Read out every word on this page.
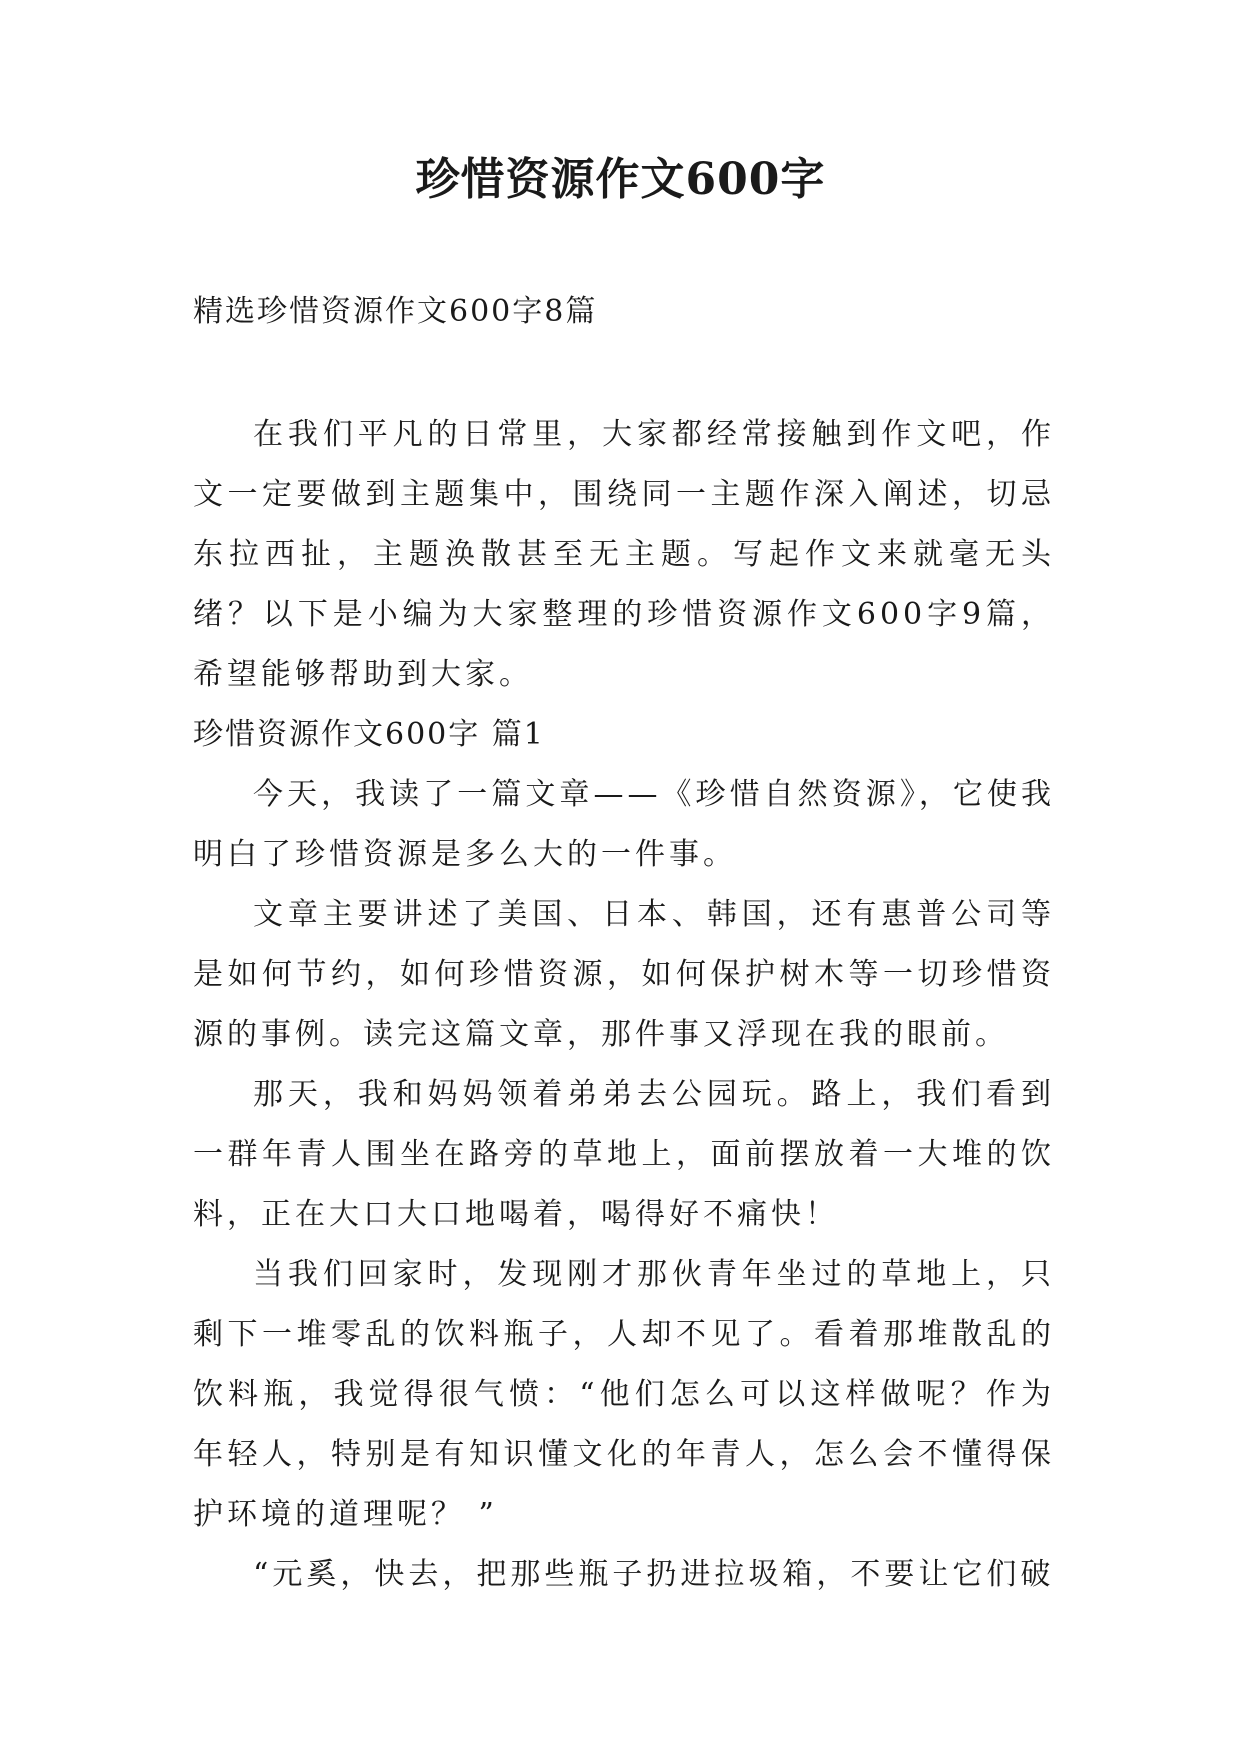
珍惜资源作文600字
精选珍惜资源作文600字8篇

在我们平凡的日常里，大家都经常接触到作文吧，作文一定要做到主题集中，围绕同一主题作深入阐述，切忌东拉西扯，主题涣散甚至无主题。写起作文来就毫无头绪？以下是小编为大家整理的珍惜资源作文600字9篇，希望能够帮助到大家。

珍惜资源作文600字 篇1

今天，我读了一篇文章——《珍惜自然资源》，它使我明白了珍惜资源是多么大的一件事。

文章主要讲述了美国、日本、韩国，还有惠普公司等是如何节约，如何珍惜资源，如何保护树木等一切珍惜资源的事例。读完这篇文章，那件事又浮现在我的眼前。

那天，我和妈妈领着弟弟去公园玩。路上，我们看到一群年青人围坐在路旁的草地上，面前摆放着一大堆的饮料，正在大口大口地喝着，喝得好不痛快！

当我们回家时，发现刚才那伙青年坐过的草地上，只剩下一堆零乱的饮料瓶子，人却不见了。看着那堆散乱的饮料瓶，我觉得很气愤：“他们怎么可以这样做呢？作为年轻人，特别是有知识懂文化的年青人，怎么会不懂得保护环境的道理呢？ ”

“元奚，快去，把那些瓶子扔进拉圾箱，不要让它们破
